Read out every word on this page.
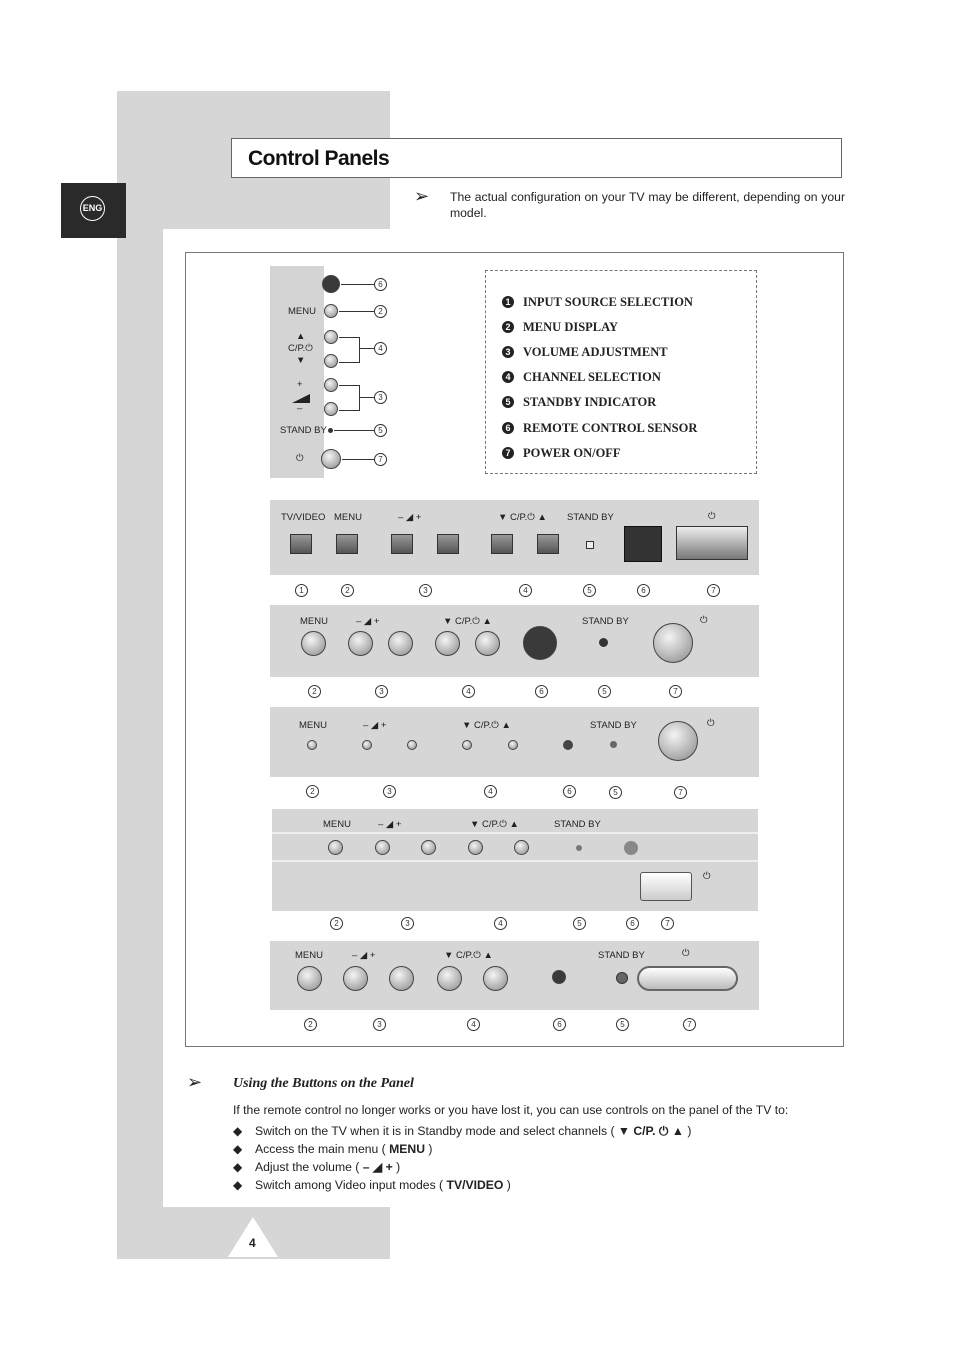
ENG
Control Panels
➢ The actual configuration on your TV may be different, depending on your model.
MENU
▲
C/P.⏻
▼
+
–
STAND BY
⏻
6
2
4
3
5
7
1 INPUT SOURCE SELECTION
2 MENU DISPLAY
3 VOLUME ADJUSTMENT
4 CHANNEL SELECTION
5 STANDBY INDICATOR
6 REMOTE CONTROL SENSOR
7 POWER ON/OFF
TV/VIDEO MENU	– ◢ +	▼ C/P.⏻ ▲ STAND BY	⏻
1	2	3	4	5	6	7
MENU	– ◢ +	▼ C/P.⏻ ▲	STAND BY	⏻
2	3	4	6	5	7
MENU	– ◢ +	▼ C/P.⏻ ▲	STAND BY	⏻
2	3	4	6	5	7
MENU	– ◢ +	▼ C/P.⏻ ▲	STAND BY
⏻
2	3	4	5	6	7
MENU	– ◢ +	▼ C/P.⏻ ▲	STAND BY	⏻
2	3	4	6	5	7
➢ Using the Buttons on the Panel
If the remote control no longer works or you have lost it, you can use controls on the panel of the TV to:
◆ Switch on the TV when it is in Standby mode and select channels ( ▼ C/P. ⏻ ▲ )
◆ Access the main menu ( MENU )
◆ Adjust the volume ( – ◢ + )
◆ Switch among Video input modes ( TV/VIDEO )
4
